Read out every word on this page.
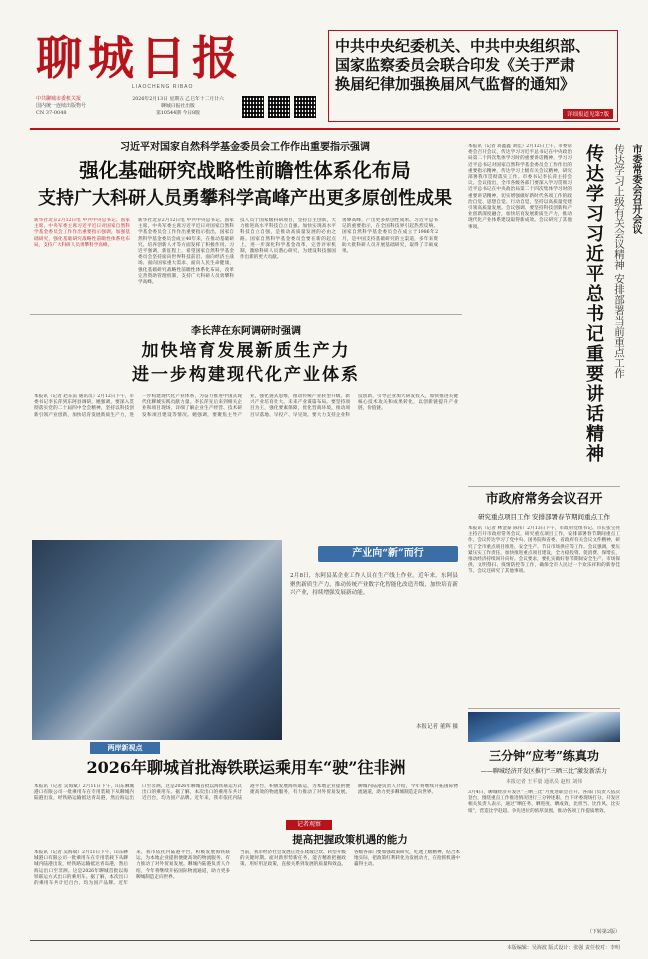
聊城日报
LIAOCHENG RIBAO
中共聊城市委机关报
国内统一连续出版物号
CN 37-0048
2026年2月13日 星期五 乙巳年十二月廿六
聊城日报社出版
第10544期 今日8版
中共中央纪委机关、中共中央组织部、
国家监察委员会联合印发《关于严肃
换届纪律加强换届风气监督的通知》
详细报道见第7版
习近平对国家自然科学基金委员会工作作出重要指示强调
强化基础研究战略性前瞻性体系化布局
支持广大科研人员勇攀科学高峰产出更多原创性成果
新华社北京2月12日电 中共中央总书记、国家主席、中央军委主席习近平近日对国家自然科学基金委员会工作作出重要指示强调，加强基础研究，强化基础研究战略性前瞻性体系化布局，支持广大科研人员勇攀科学高峰。
新华社北京2月12日电 中共中央总书记、国家主席、中央军委主席习近平近日对国家自然科学基金委员会工作作出重要指示指出，国家自然科学基金委员会成立40年来，在推动基础研究、培养创新人才等方面发挥了积极作用。习近平强调，新征程上，希望国家自然科学基金委员会坚持面向世界科技前沿、面向经济主战场、面向国家重大需求、面向人民生命健康，强化基础研究战略性前瞻性体系化布局，改革完善资助管理机制，支持广大科研人员勇攀科学高峰。
技人员于国家级科研项目，坚持自主创新，大力推进高水平科技自立自强。加快实现高水平科技自立自强，是推动高质量发展的必由之路。国家自然科学基金委员会要在新的起点上，进一步深化科学基金改革，完善评审机制，激励科研人员潜心研究，为建设科技强国作出新的更大贡献。
勇攀高峰，产出更多原创性成果。习近平总书记的重要指示，在全国科技界引起热烈反响。国家自然科学基金委员会在成立于1986年2月，是中国支持基础研究的主渠道，多年来资助大批科研人员开展基础研究，取得了丰硕成果。
李长萍在东阿调研时强调
加快培育发展新质生产力
进一步构建现代化产业体系
本报讯（记者 赵东雷 通讯员）2月12日下午，市委书记李长萍到东阿县调研，她强调，要深入贯彻落实党的二十届四中全会精神，坚持以科技创新引领产业创新，加快培育发展新质生产力，进一步构建现代化产业体系，为奋力推进中国式现代化聊城实践贡献力量。李长萍先后来到相关企业和项目现场，详细了解企业生产经营、技术研发和项目建设等情况。她强调，要聚焦主导产业，强化链式思维，推动传统产业转型升级、新兴产业培育壮大、未来产业谋篇布局。要坚持项目为王，强化要素保障，优化营商环境，推动项目早落地、早投产、早见效。要大力支持企业科技创新，引导企业加大研发投入，加快推进关键核心技术攻关和成果转化，以创新链提升产业链、价值链。
产业向“新”而行
2月8日，东阿县某企业工作人员在生产线上作业。近年来，东阿县聚焦新质生产力，推动传统产业数字化智能化改造升级，加快培育新兴产业，持续增强发展新动能。
本报记者 董辉 摄
市委常委会召开会议
传达学习上级有关会议精神 安排部署当前重点工作
传达学习习近平总书记重要讲话精神
本报讯（记者 蒋鑫鑫 刘佳）2月12日上午，市委常委会召开会议，传达学习习近平总书记在中央政治局第二十四次集体学习时的重要讲话精神，学习习近平总书记对国家自然科学基金委员会工作作出的重要指示精神，传达学习上级有关会议精神，研究部署我市贯彻落实工作。市委书记李长萍主持会议。会议指出，全市各级各部门要深入学习贯彻习近平总书记在中央政治局第二十四次集体学习时的重要讲话精神，切实增强做好新时代各项工作的政治自觉、思想自觉、行动自觉，坚持以高质量党建引领高质量发展。会议强调，要坚持科技创新和产业创新深度融合，加快培育发展新质生产力，推动现代化产业体系建设取得新成效。会议研究了其他事项。
市政府常务会议召开
研究重点项目工作 安排部署春节期间重点工作
本报讯（记者 林金泰 陈伟）2月13日下午，市政府党组书记、市长张宝亮主持召开市政府常务会议，研究重点项目工作，安排部署春节期间重点工作。会议传达学习了党中央、国务院和省委、省政府有关会议文件精神，研究了全市重点项目推进、安全生产、节日市场供应等工作。会议强调，要压紧压实工作责任，加快推进重点项目建设，全力稳投资、促消费、保增长，推动经济持续回升向好。会议要求，要扎实做好春节期间安全生产、市场保供、文明祭扫、疫情防控等工作，确保全市人民过一个欢乐祥和的新春佳节。会议还研究了其他事项。
两岸新视点
2026年聊城首批海铁联运乘用车“驶”往非洲
本报讯（记者 吴海斌）2月11日下午，山东聊城港口有限公司一批乘用车在专用装载下从聊城内陆港出发，经铁路运输抵达青岛港，然后海运出口至非洲。这是2026年聊城首批以海铁联运方式出口的乘用车。据了解，本次出口的乘用车共计近百台，均为国产品牌。近年来，我市依托内陆港平台，积极发展海铁联运，为本地企业提供便捷高效的物流服务，有力推动了对外贸易发展。聊城内陆港负责人介绍，今年将继续开拓国际物流通道，助力更多聊城制造走向世界。
记者观察
提高把握政策机遇的能力
当前，我市经济社会发展正处在爬坡过坎、转型升级的关键时期。面对新形势新任务，能否精准把握政策、用好用足政策，直接关系到发展的质量和效益。各级各部门要加强政策研究，吃透上级精神，结合本地实际，把政策红利转化为发展动力，在抢抓机遇中赢得主动。
本报讯（记者 吴海斌）2月11日下午，山东聊城港口有限公司一批乘用车在专用装载下从聊城内陆港出发，经铁路运输抵达青岛港，然后海运出口至非洲。这是2026年聊城首批以海铁联运方式出口的乘用车。据了解，本次出口的乘用车共计近百台，均为国产品牌。近年来，我市依托内陆港平台，积极发展海铁联运，为本地企业提供便捷高效的物流服务，有力推动了对外贸易发展。聊城内陆港负责人介绍，今年将继续开拓国际物流通道，助力更多聊城制造走向世界。
三分钟“应考”练真功
——聊城经济开发区推行“三晒三比”激发新活力
本报记者 王平量 通讯员 赵恒 刘伟
3月4日，聊城经济开发区“三晒三比”月度述职会召开。各部门负责人依次登台，围绕重点工作推进情况进行三分钟述职，台下评委现场打分。开发区相关负责人表示，通过“晒任务、晒进度、晒成效，比担当、比作风、比实绩”，营造比学赶超、争先进位的浓厚氛围，推动各项工作提质增效。
（下转第2版）
本版编辑：吴海波 版式设计：张强 责任校对：李明
